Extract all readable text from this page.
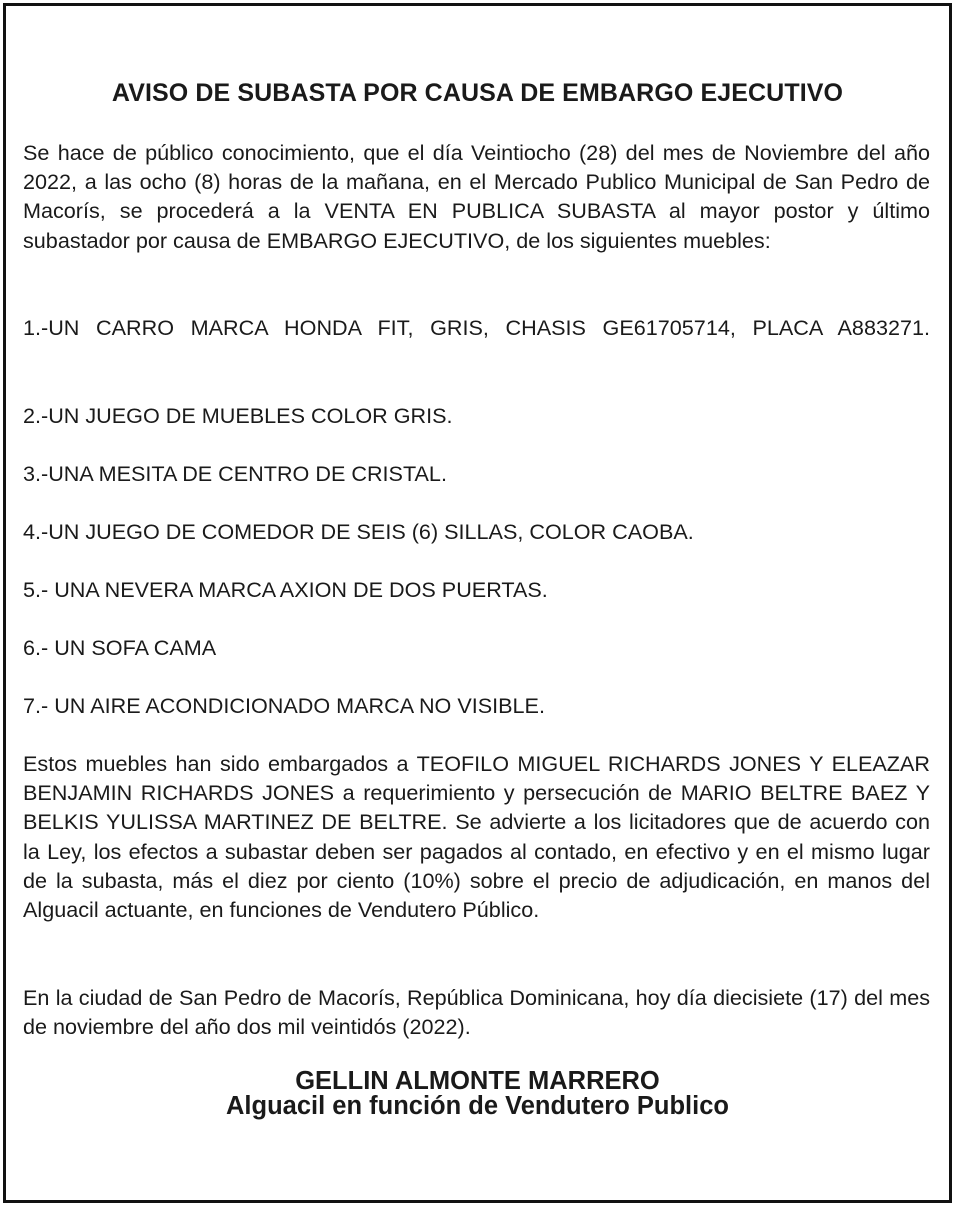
AVISO DE SUBASTA POR CAUSA DE EMBARGO EJECUTIVO

Se hace de público conocimiento, que el día Veintiocho (28) del mes de Noviembre del año 2022, a las ocho (8) horas de la mañana, en el Mercado Publico Municipal de San Pedro de Macorís, se procederá a la VENTA EN PUBLICA SUBASTA al mayor postor y último subastador por causa de EMBARGO EJECUTIVO, de los siguientes muebles:

1.-UN CARRO MARCA HONDA FIT, GRIS, CHASIS GE61705714, PLACA A883271.

2.-UN JUEGO DE MUEBLES COLOR GRIS.

3.-UNA MESITA DE CENTRO DE CRISTAL.

4.-UN JUEGO DE COMEDOR DE SEIS (6) SILLAS, COLOR CAOBA.

5.- UNA NEVERA MARCA AXION DE DOS PUERTAS.

6.- UN SOFA CAMA

7.- UN AIRE ACONDICIONADO MARCA NO VISIBLE.

Estos muebles han sido embargados a TEOFILO MIGUEL RICHARDS JONES Y ELEAZAR BENJAMIN RICHARDS JONES a requerimiento y persecución de MARIO BELTRE BAEZ Y BELKIS YULISSA MARTINEZ DE BELTRE. Se advierte a los licitadores que de acuerdo con la Ley, los efectos a subastar deben ser pagados al contado, en efectivo y en el mismo lugar de la subasta, más el diez por ciento (10%) sobre el precio de adjudicación, en manos del Alguacil actuante, en funciones de Vendutero Público.

En la ciudad de San Pedro de Macorís, República Dominicana, hoy día diecisiete (17) del mes de noviembre del año dos mil veintidós (2022).

GELLIN ALMONTE MARRERO

Alguacil en función de Vendutero Publico
